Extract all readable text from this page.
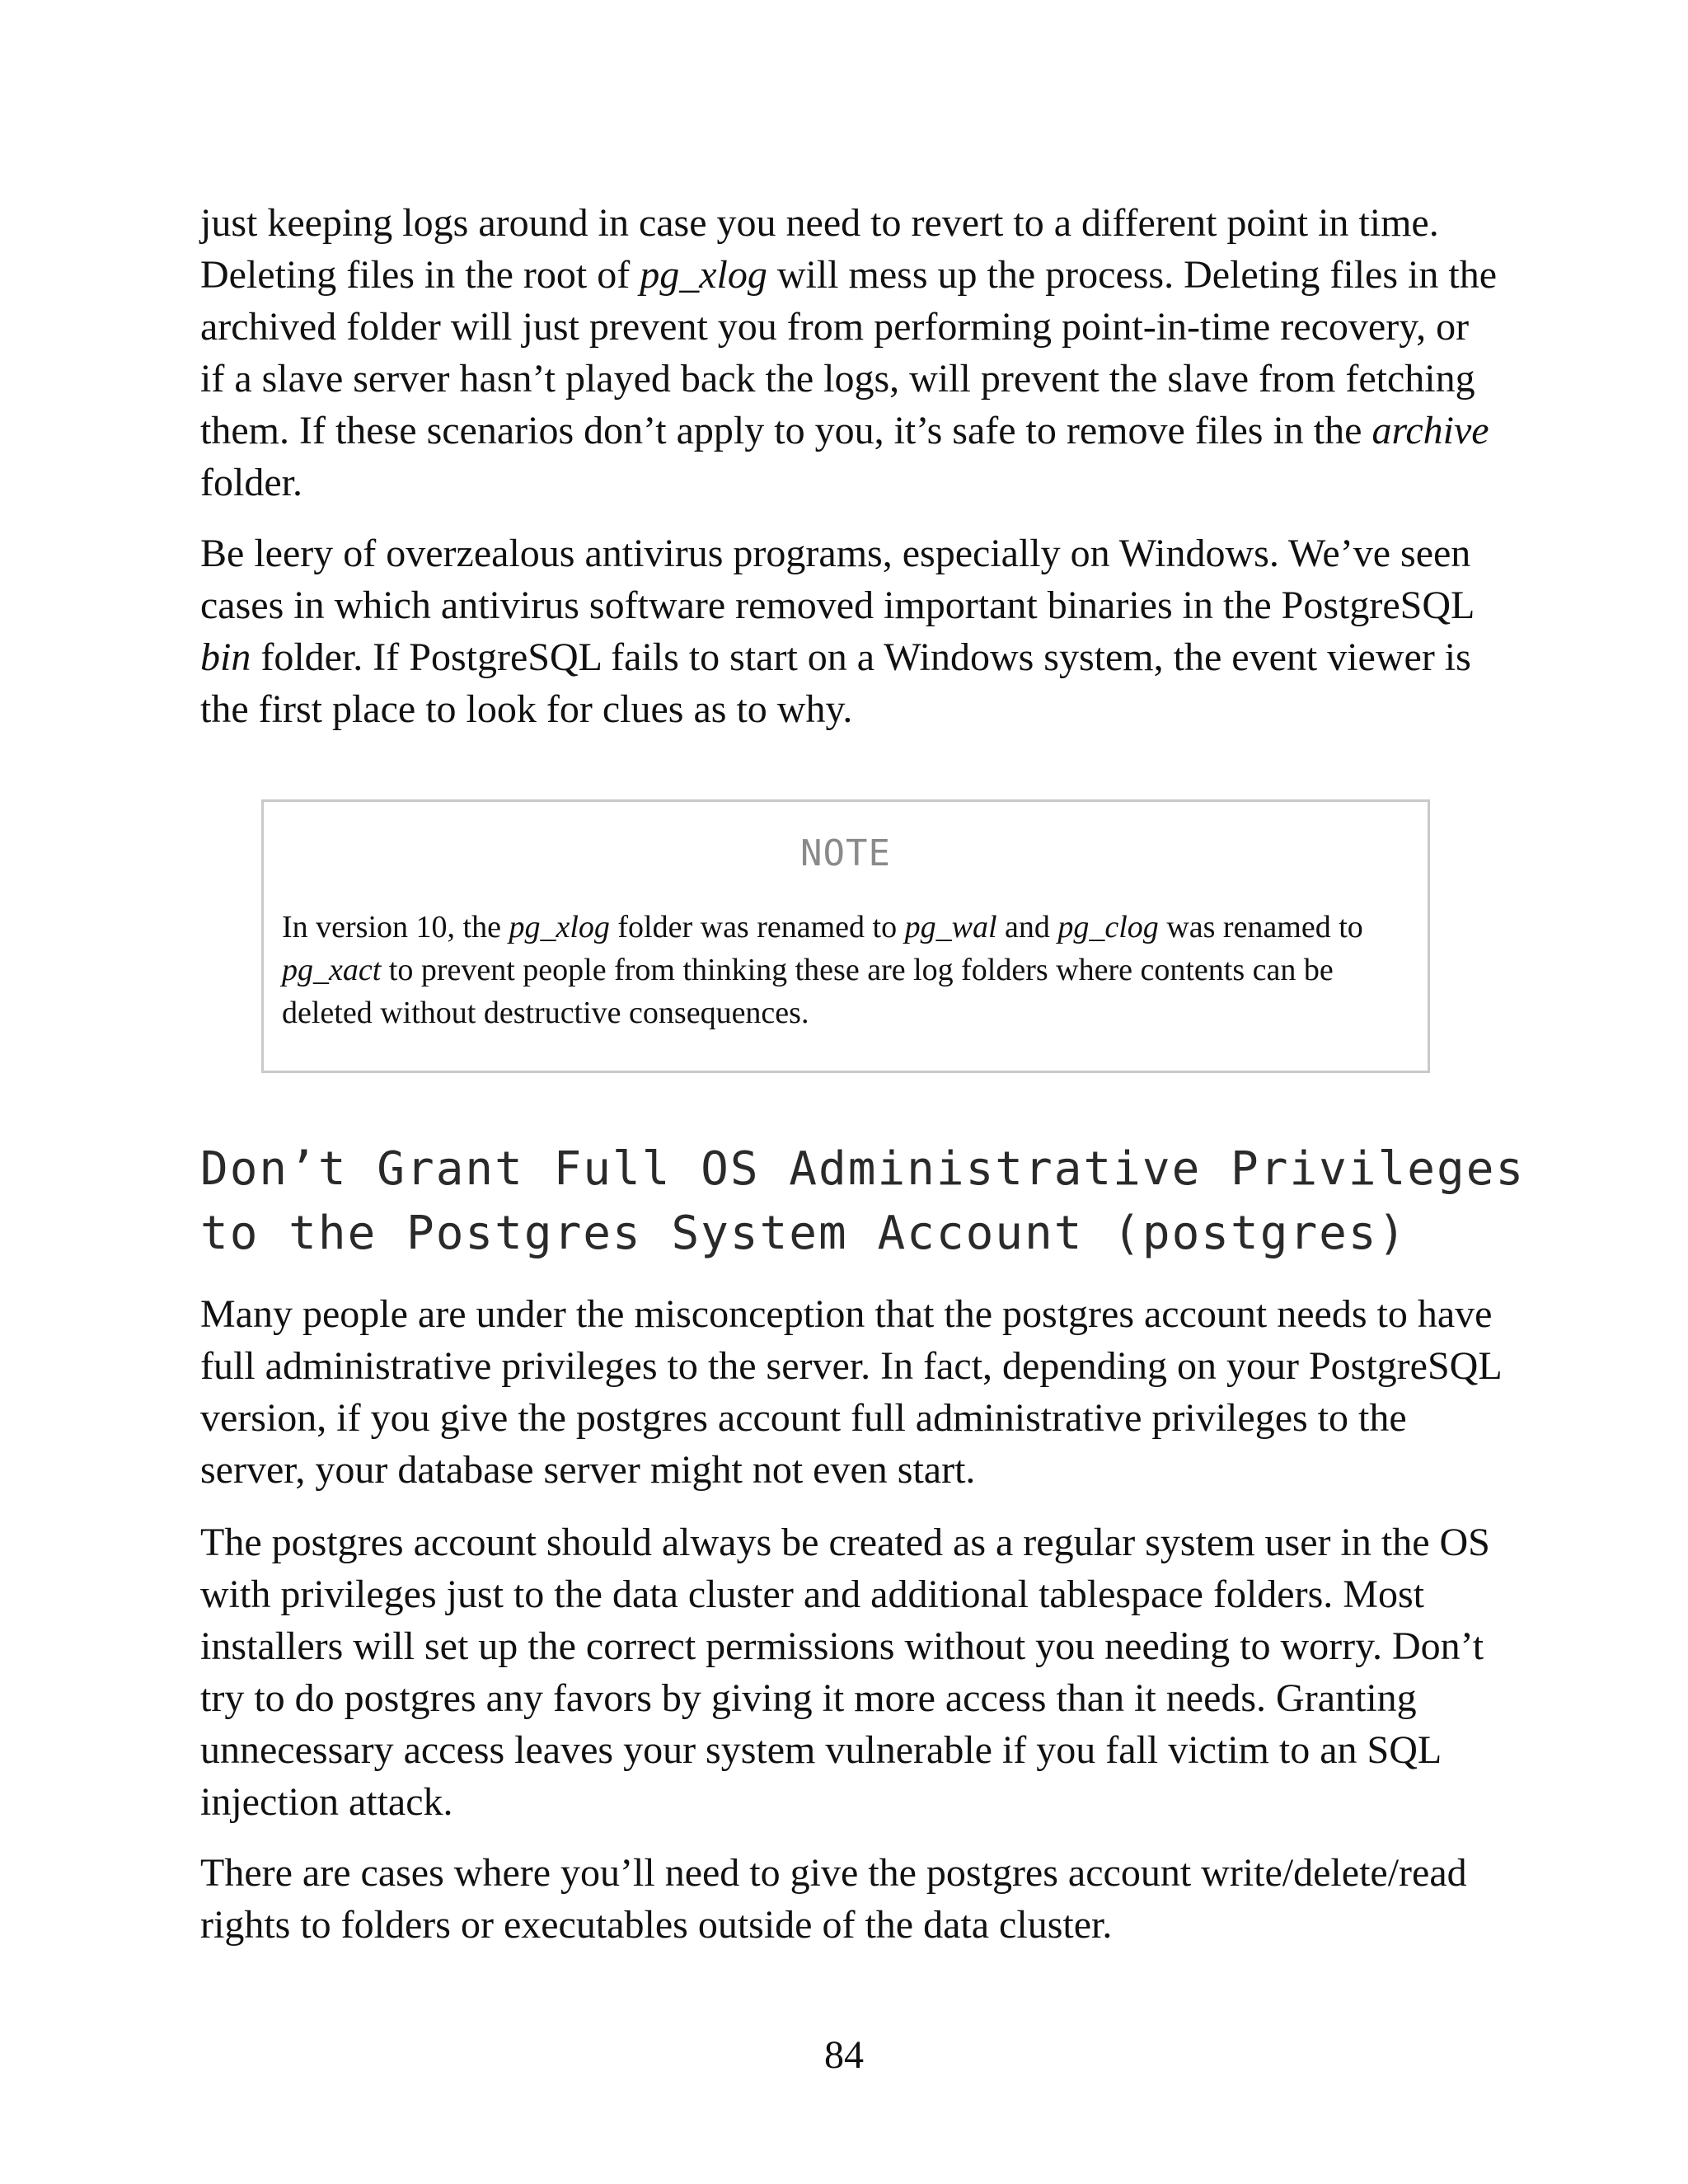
just keeping logs around in case you need to revert to a different point in time. Deleting files in the root of pg_xlog will mess up the process. Deleting files in the archived folder will just prevent you from performing point-in-time recovery, or if a slave server hasn’t played back the logs, will prevent the slave from fetching them. If these scenarios don’t apply to you, it’s safe to remove files in the archive folder.

Be leery of overzealous antivirus programs, especially on Windows. We’ve seen cases in which antivirus software removed important binaries in the PostgreSQL bin folder. If PostgreSQL fails to start on a Windows system, the event viewer is the first place to look for clues as to why.

NOTE

In version 10, the pg_xlog folder was renamed to pg_wal and pg_clog was renamed to pg_xact to prevent people from thinking these are log folders where contents can be deleted without destructive consequences.

Don’t Grant Full OS Administrative Privileges
to the Postgres System Account (postgres)

Many people are under the misconception that the postgres account needs to have full administrative privileges to the server. In fact, depending on your PostgreSQL version, if you give the postgres account full administrative privileges to the server, your database server might not even start.

The postgres account should always be created as a regular system user in the OS with privileges just to the data cluster and additional tablespace folders. Most installers will set up the correct permissions without you needing to worry. Don’t try to do postgres any favors by giving it more access than it needs. Granting unnecessary access leaves your system vulnerable if you fall victim to an SQL injection attack.

There are cases where you’ll need to give the postgres account write/delete/read rights to folders or executables outside of the data cluster.

84
